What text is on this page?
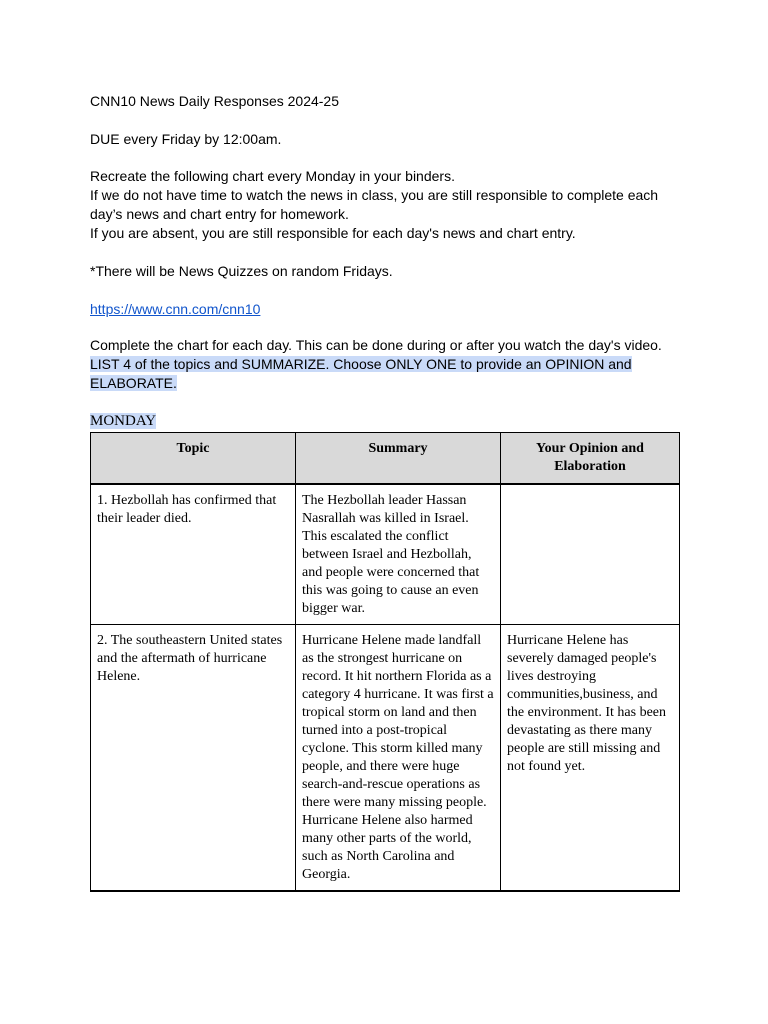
CNN10 News Daily Responses 2024-25
DUE every Friday by 12:00am.
Recreate the following chart every Monday in your binders.
If we do not have time to watch the news in class, you are still responsible to complete each
day’s news and chart entry for homework.
If you are absent, you are still responsible for each day's news and chart entry.
*There will be News Quizzes on random Fridays.
https://www.cnn.com/cnn10
Complete the chart for each day. This can be done during or after you watch the day's video.
LIST 4 of the topics and SUMMARIZE. Choose ONLY ONE to provide an OPINION and
ELABORATE.
MONDAY
Topic	Summary	Your Opinion and Elaboration
1. Hezbollah has confirmed that their leader died.	The Hezbollah leader Hassan Nasrallah was killed in Israel. This escalated the conflict between Israel and Hezbollah, and people were concerned that this was going to cause an even bigger war.	
2. The southeastern United states and the aftermath of hurricane Helene.	Hurricane Helene made landfall as the strongest hurricane on record. It hit northern Florida as a category 4 hurricane. It was first a tropical storm on land and then turned into a post-tropical cyclone. This storm killed many people, and there were huge search-and-rescue operations as there were many missing people. Hurricane Helene also harmed many other parts of the world, such as North Carolina and Georgia.	Hurricane Helene has severely damaged people's lives destroying communities,business, and the environment. It has been devastating as there many people are still missing and not found yet.
